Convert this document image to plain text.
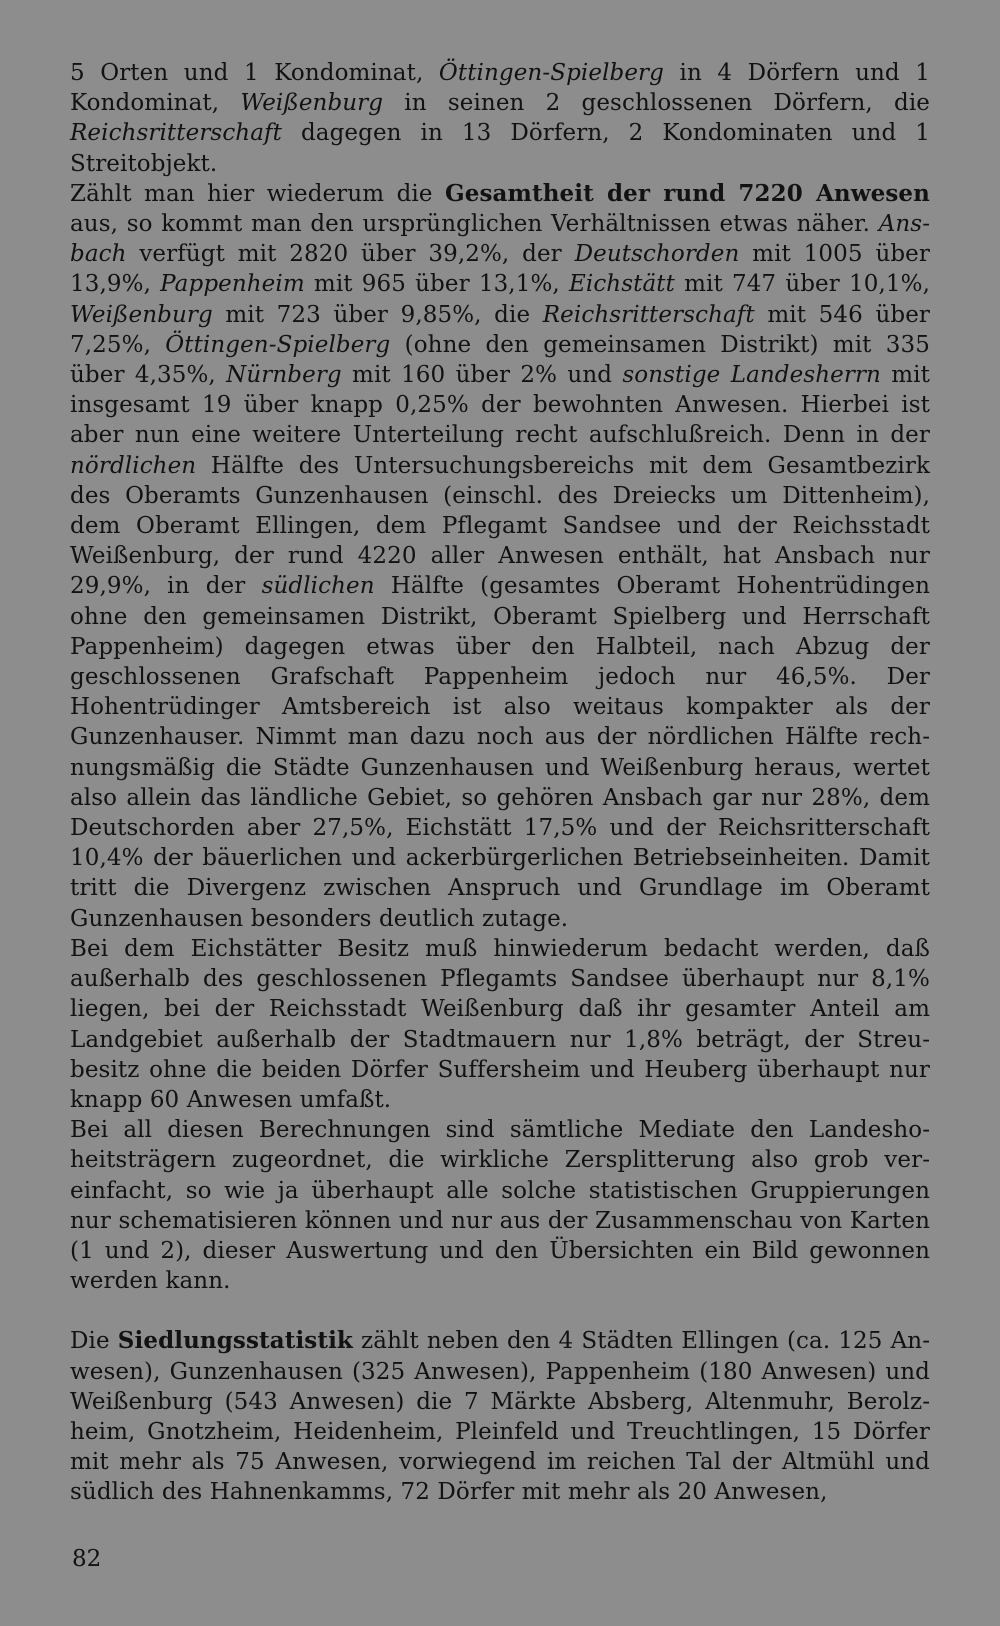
5 Orten und 1 Kondominat, Öttingen-Spielberg in 4 Dörfern und 1 Kondominat, Weißenburg in seinen 2 geschlossenen Dörfern, die Reichsritterschaft dagegen in 13 Dörfern, 2 Kondominaten und 1 Streitobjekt.

Zählt man hier wiederum die Gesamtheit der rund 7220 Anwesen aus, so kommt man den ursprünglichen Verhältnissen etwas näher. Ansbach verfügt mit 2820 über 39,2%, der Deutschorden mit 1005 über 13,9%, Pappenheim mit 965 über 13,1%, Eichstätt mit 747 über 10,1%, Weißenburg mit 723 über 9,85%, die Reichsritterschaft mit 546 über 7,25%, Öttingen-Spielberg (ohne den gemeinsamen Distrikt) mit 335 über 4,35%, Nürnberg mit 160 über 2% und sonstige Landesherrn mit insgesamt 19 über knapp 0,25% der bewohnten Anwesen. Hierbei ist aber nun eine weitere Unterteilung recht aufschlußreich. Denn in der nördlichen Hälfte des Untersuchungsbereichs mit dem Gesamtbezirk des Oberamts Gunzenhausen (einschl. des Dreiecks um Dittenheim), dem Oberamt Ellingen, dem Pflegamt Sandsee und der Reichsstadt Weißenburg, der rund 4220 aller Anwesen enthält, hat Ansbach nur 29,9%, in der südlichen Hälfte (gesamtes Oberamt Hohentrüdingen ohne den gemeinsamen Distrikt, Oberamt Spielberg und Herrschaft Pappenheim) dagegen etwas über den Halbteil, nach Abzug der geschlossenen Grafschaft Pappenheim jedoch nur 46,5%. Der Hohentrüdinger Amtsbereich ist also weitaus kompakter als der Gunzenhauser. Nimmt man dazu noch aus der nördlichen Hälfte rechnungsmäßig die Städte Gunzenhausen und Weißenburg heraus, wertet also allein das ländliche Gebiet, so gehören Ansbach gar nur 28%, dem Deutschorden aber 27,5%, Eichstätt 17,5% und der Reichsritterschaft 10,4% der bäuerlichen und ackerbürgerlichen Betriebseinheiten. Damit tritt die Divergenz zwischen Anspruch und Grundlage im Oberamt Gunzenhausen besonders deutlich zutage.

Bei dem Eichstätter Besitz muß hinwiederum bedacht werden, daß außerhalb des geschlossenen Pflegamts Sandsee überhaupt nur 8,1% liegen, bei der Reichsstadt Weißenburg daß ihr gesamter Anteil am Landgebiet außerhalb der Stadtmauern nur 1,8% beträgt, der Streubesitz ohne die beiden Dörfer Suffersheim und Heuberg überhaupt nur knapp 60 Anwesen umfaßt.

Bei all diesen Berechnungen sind sämtliche Mediate den Landeshoheitsträgern zugeordnet, die wirkliche Zersplitterung also grob vereinfacht, so wie ja überhaupt alle solche statistischen Gruppierungen nur schematisieren können und nur aus der Zusammenschau von Karten (1 und 2), dieser Auswertung und den Übersichten ein Bild gewonnen werden kann.

Die Siedlungsstatistik zählt neben den 4 Städten Ellingen (ca. 125 Anwesen), Gunzenhausen (325 Anwesen), Pappenheim (180 Anwesen) und Weißenburg (543 Anwesen) die 7 Märkte Absberg, Altenmuhr, Berolzheim, Gnotzheim, Heidenheim, Pleinfeld und Treuchtlingen, 15 Dörfer mit mehr als 75 Anwesen, vorwiegend im reichen Tal der Altmühl und südlich des Hahnenkamms, 72 Dörfer mit mehr als 20 Anwesen,

82
